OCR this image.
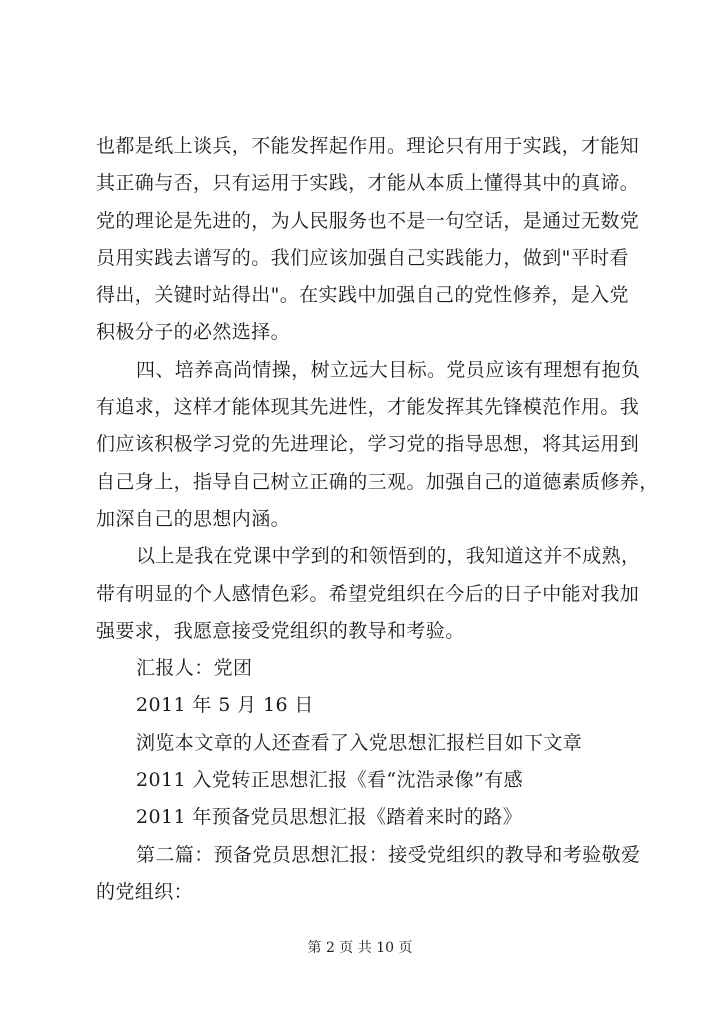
也都是纸上谈兵，不能发挥起作用。理论只有用于实践，才能知
其正确与否，只有运用于实践，才能从本质上懂得其中的真谛。
党的理论是先进的，为人民服务也不是一句空话，是通过无数党
员用实践去谱写的。我们应该加强自己实践能力，做到"平时看
得出，关键时站得出"。在实践中加强自己的党性修养，是入党
积极分子的必然选择。
四、培养高尚情操，树立远大目标。党员应该有理想有抱负
有追求，这样才能体现其先进性，才能发挥其先锋模范作用。我
们应该积极学习党的先进理论，学习党的指导思想，将其运用到
自己身上，指导自己树立正确的三观。加强自己的道德素质修养，
加深自己的思想内涵。
以上是我在党课中学到的和领悟到的，我知道这并不成熟，
带有明显的个人感情色彩。希望党组织在今后的日子中能对我加
强要求，我愿意接受党组织的教导和考验。
汇报人：党团
2011 年 5 月 16 日
浏览本文章的人还查看了入党思想汇报栏目如下文章
2011 入党转正思想汇报《看“沈浩录像”有感
2011 年预备党员思想汇报《踏着来时的路》
第二篇：预备党员思想汇报：接受党组织的教导和考验敬爱
的党组织：
第 2 页 共 10 页
